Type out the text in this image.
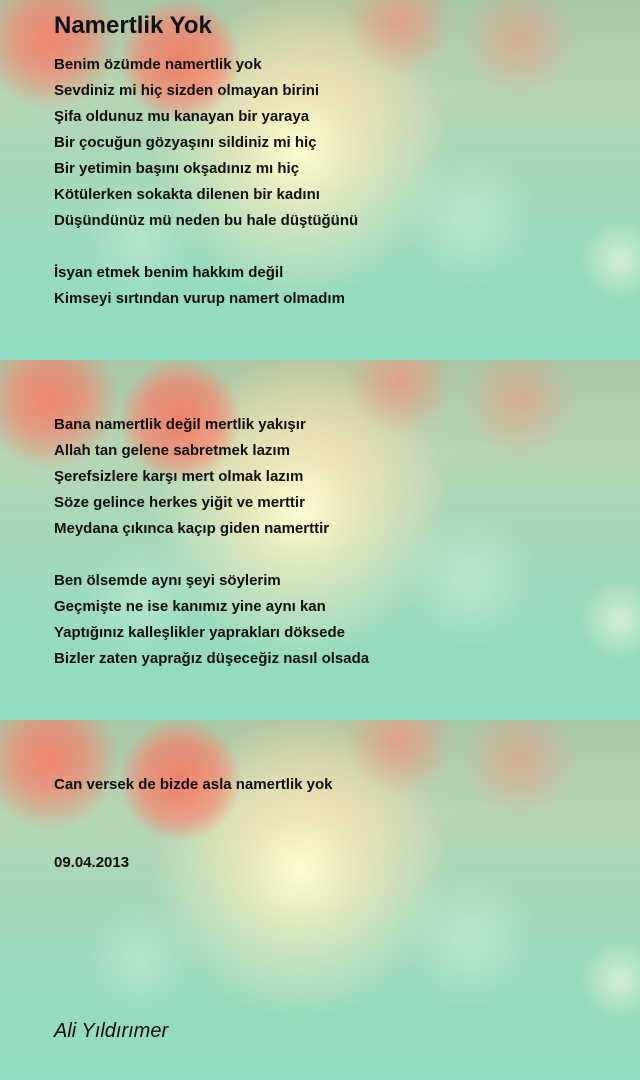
Namertlik Yok
Benim özümde namertlik yok
Sevdiniz mi hiç sizden olmayan birini
Şifa oldunuz mu kanayan bir yaraya
Bir çocuğun gözyaşını sildiniz mi hiç
Bir yetimin başını okşadınız mı hiç
Kötülerken sokakta dilenen bir kadını
Düşündünüz mü neden bu hale düştüğünü
İsyan etmek benim hakkım değil
Kimseyi sırtından vurup namert olmadım
Bana namertlik değil mertlik yakışır
Allah tan gelene sabretmek lazım
Şerefsizlere karşı mert olmak lazım
Söze gelince herkes yiğit ve merttir
Meydana çıkınca kaçıp giden namerttir
Ben ölsemde aynı şeyi söylerim
Geçmişte ne ise kanımız yine aynı kan
Yaptığınız kalleşlikler yaprakları döksede
Bizler zaten yaprağız düşeceğiz nasıl olsada
Can versek de bizde asla namertlik yok
09.04.2013
Ali Yıldırımer
